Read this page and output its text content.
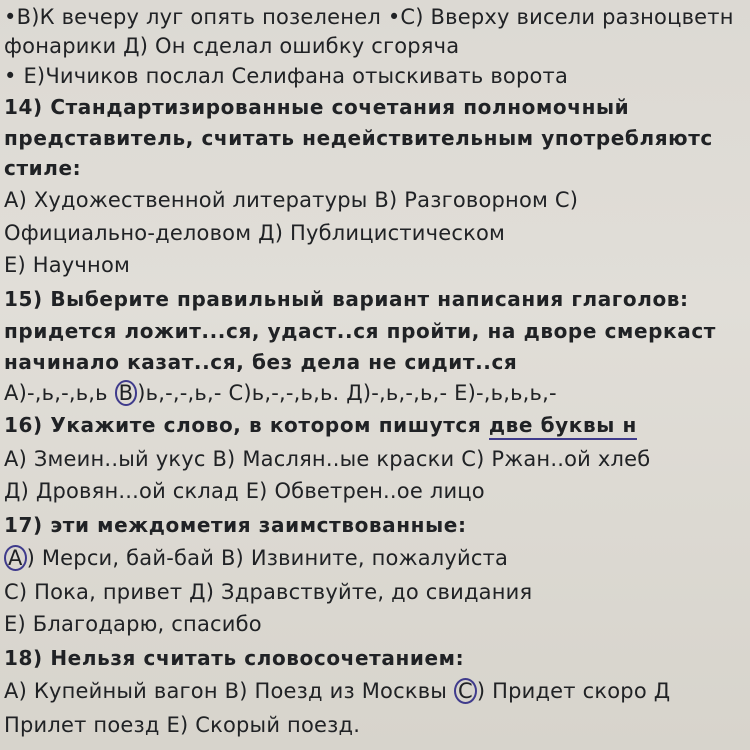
•В)К вечеру луг опять позеленел •С) Вверху висели разноцветн
фонарики Д) Он сделал ошибку сгоряча
• Е)Чичиков послал Селифана отыскивать ворота
14) Стандартизированные сочетания полномочный
представитель, считать недействительным употребляютс
стиле:
А) Художественной литературы В) Разговорном С)
Официально-деловом Д) Публицистическом
Е) Научном
15) Выберите правильный вариант написания глаголов:
придется ложит...ся, удаст..ся пройти, на дворе смеркаст
начинало казат..ся, без дела не сидит..ся
А)-,ь,-,ь,ь В )ь,-,-,ь,- С)ь,-,-,ь,ь. Д)-,ь,-,ь,- Е)-,ь,ь,ь,-
16) Укажите слово, в котором пишутся две буквы н
А) Змеин..ый укус В) Маслян..ые краски С) Ржан..ой хлеб
Д) Дровян...ой склад Е) Обветрен..ое лицо
17) эти междометия заимствованные:
А ) Мерси, бай-бай В) Извините, пожалуйста
С) Пока, привет Д) Здравствуйте, до свидания
Е) Благодарю, спасибо
18) Нельзя считать словосочетанием:
А) Купейный вагон В) Поезд из Москвы С ) Придет скоро Д
Прилет поезд Е) Скорый поезд.
